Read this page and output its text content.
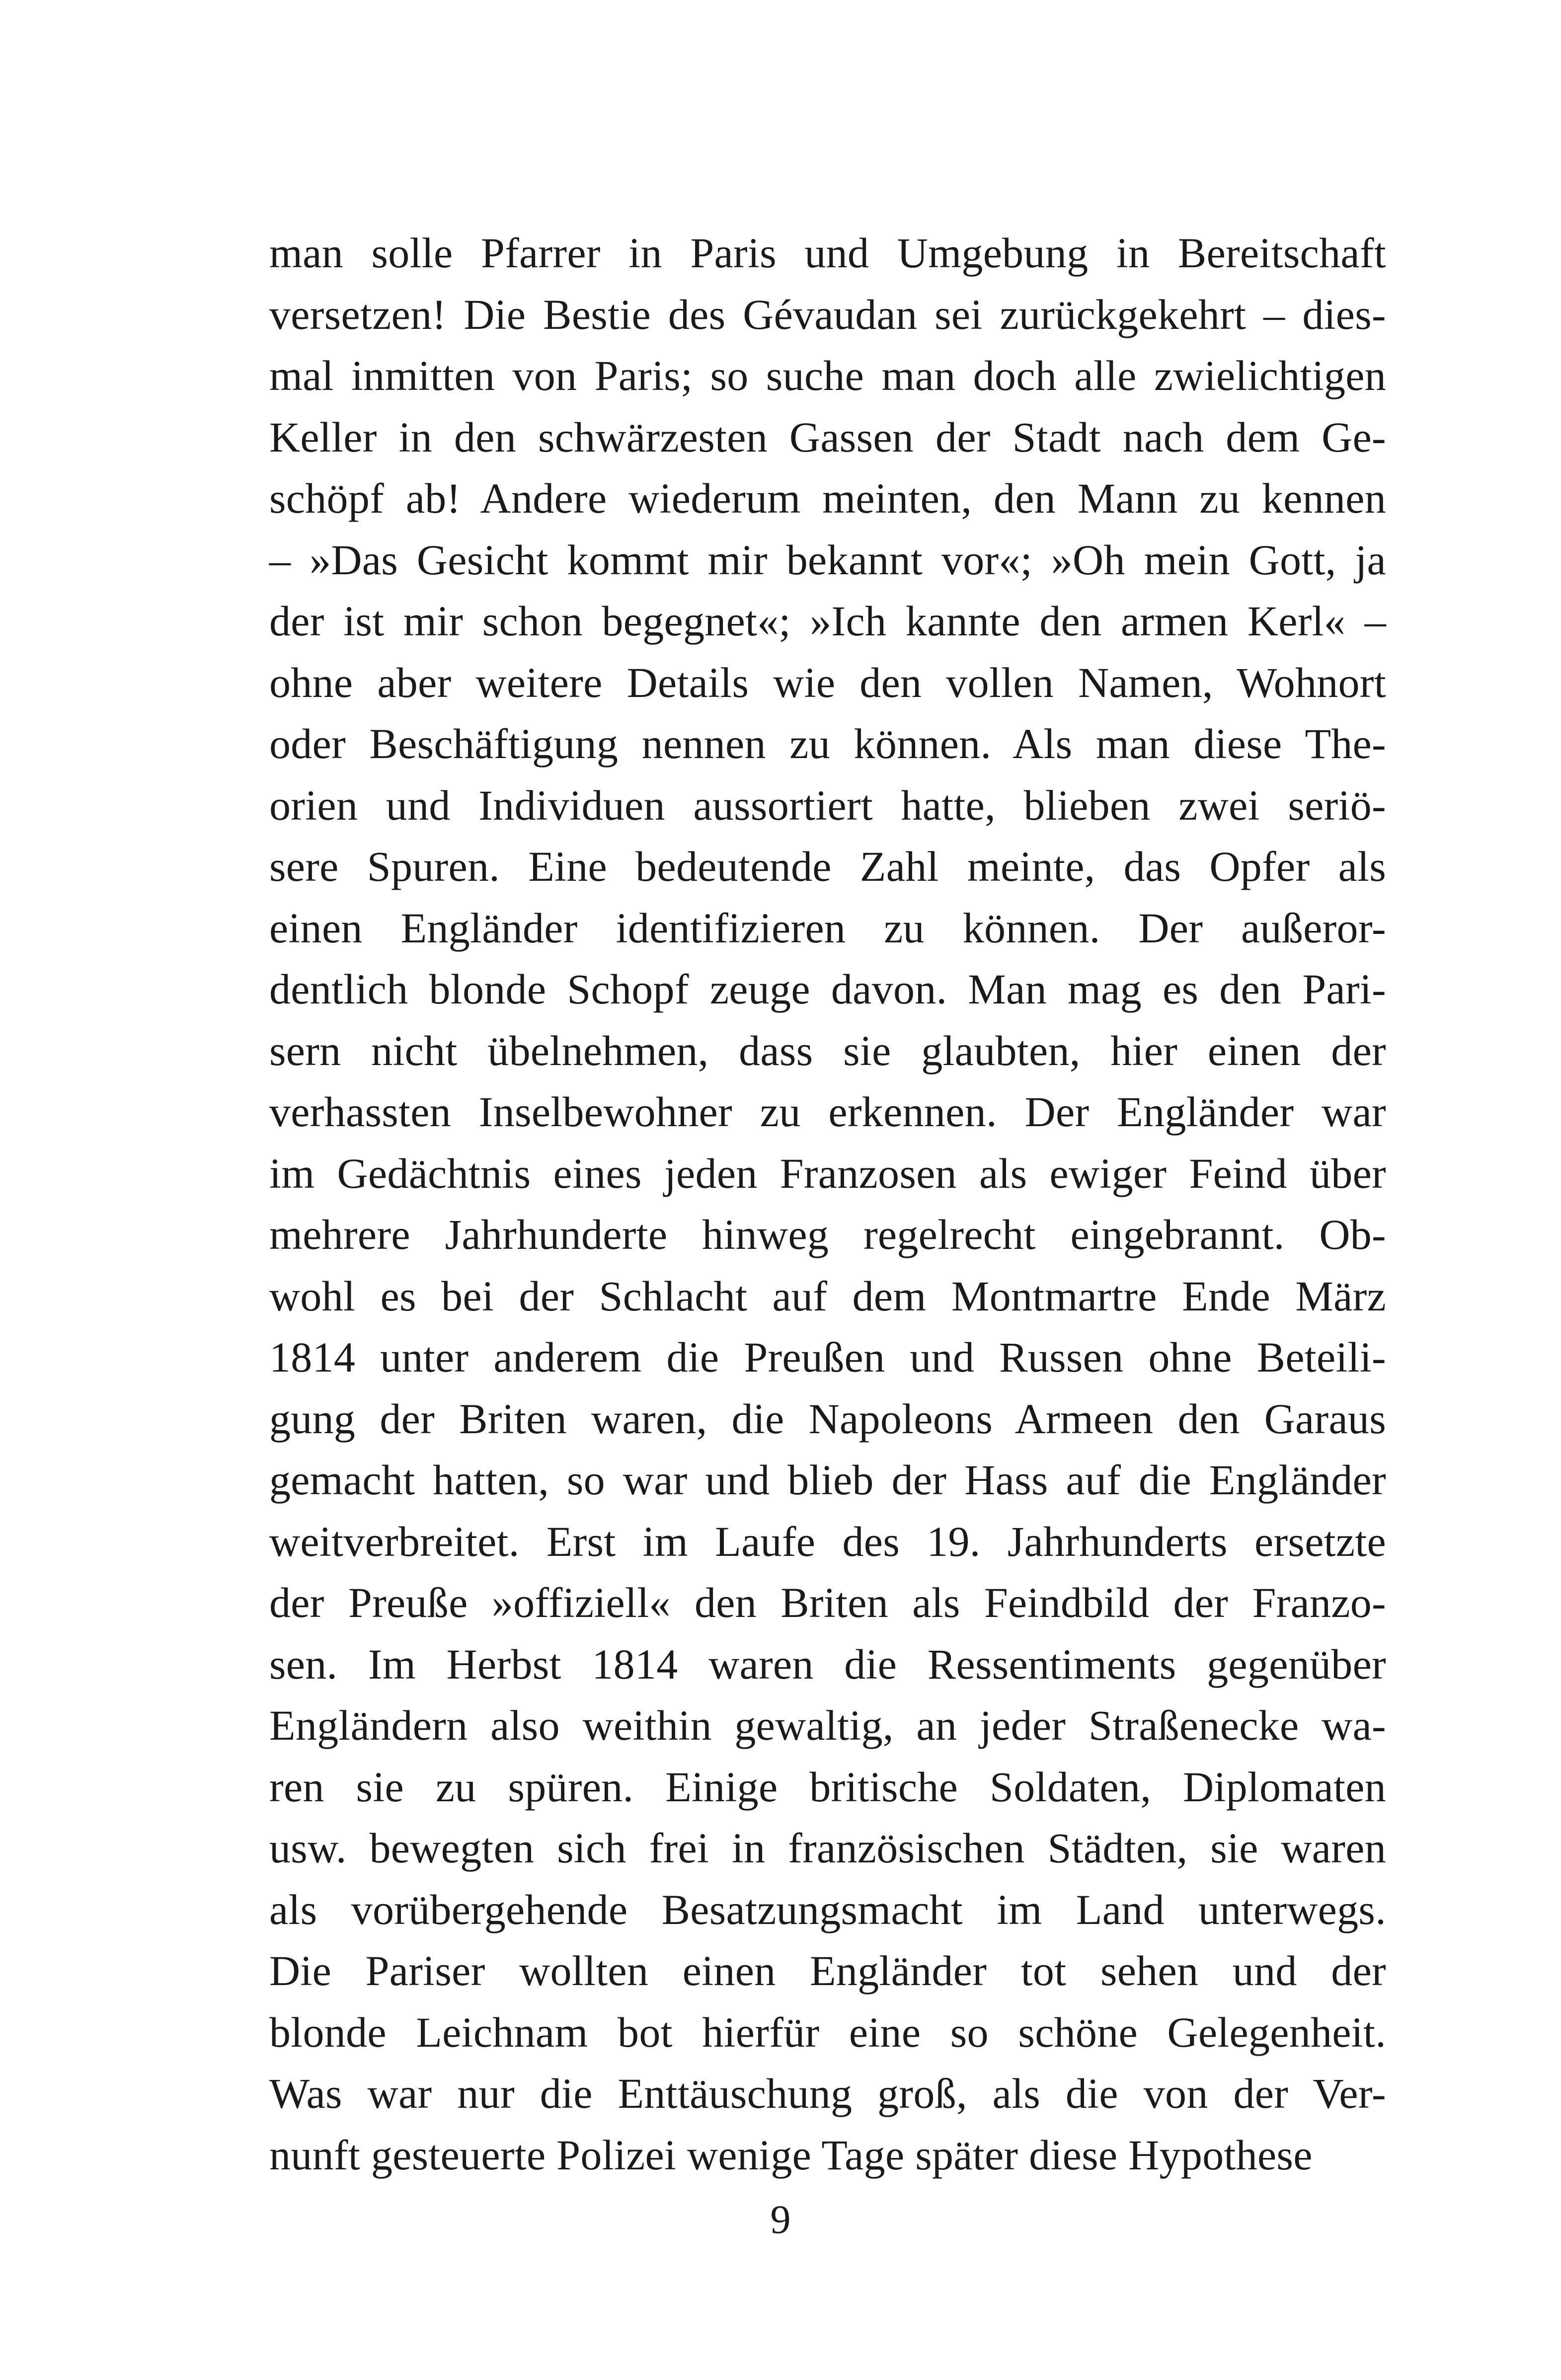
man solle Pfarrer in Paris und Umgebung in Bereitschaft
versetzen! Die Bestie des Gévaudan sei zurückgekehrt – dies-
mal inmitten von Paris; so suche man doch alle zwielichtigen
Keller in den schwärzesten Gassen der Stadt nach dem Ge-
schöpf ab! Andere wiederum meinten, den Mann zu kennen
– »Das Gesicht kommt mir bekannt vor«; »Oh mein Gott, ja
der ist mir schon begegnet«; »Ich kannte den armen Kerl« –
ohne aber weitere Details wie den vollen Namen, Wohnort
oder Beschäftigung nennen zu können. Als man diese The-
orien und Individuen aussortiert hatte, blieben zwei seriö-
sere Spuren. Eine bedeutende Zahl meinte, das Opfer als
einen Engländer identifizieren zu können. Der außeror-
dentlich blonde Schopf zeuge davon. Man mag es den Pari-
sern nicht übelnehmen, dass sie glaubten, hier einen der
verhassten Inselbewohner zu erkennen. Der Engländer war
im Gedächtnis eines jeden Franzosen als ewiger Feind über
mehrere Jahrhunderte hinweg regelrecht eingebrannt. Ob-
wohl es bei der Schlacht auf dem Montmartre Ende März
1814 unter anderem die Preußen und Russen ohne Beteili-
gung der Briten waren, die Napoleons Armeen den Garaus
gemacht hatten, so war und blieb der Hass auf die Engländer
weitverbreitet. Erst im Laufe des 19. Jahrhunderts ersetzte
der Preuße »offiziell« den Briten als Feindbild der Franzo-
sen. Im Herbst 1814 waren die Ressentiments gegenüber
Engländern also weithin gewaltig, an jeder Straßenecke wa-
ren sie zu spüren. Einige britische Soldaten, Diplomaten
usw. bewegten sich frei in französischen Städten, sie waren
als vorübergehende Besatzungsmacht im Land unterwegs.
Die Pariser wollten einen Engländer tot sehen und der
blonde Leichnam bot hierfür eine so schöne Gelegenheit.
Was war nur die Enttäuschung groß, als die von der Ver-
nunft gesteuerte Polizei wenige Tage später diese Hypothese
9
